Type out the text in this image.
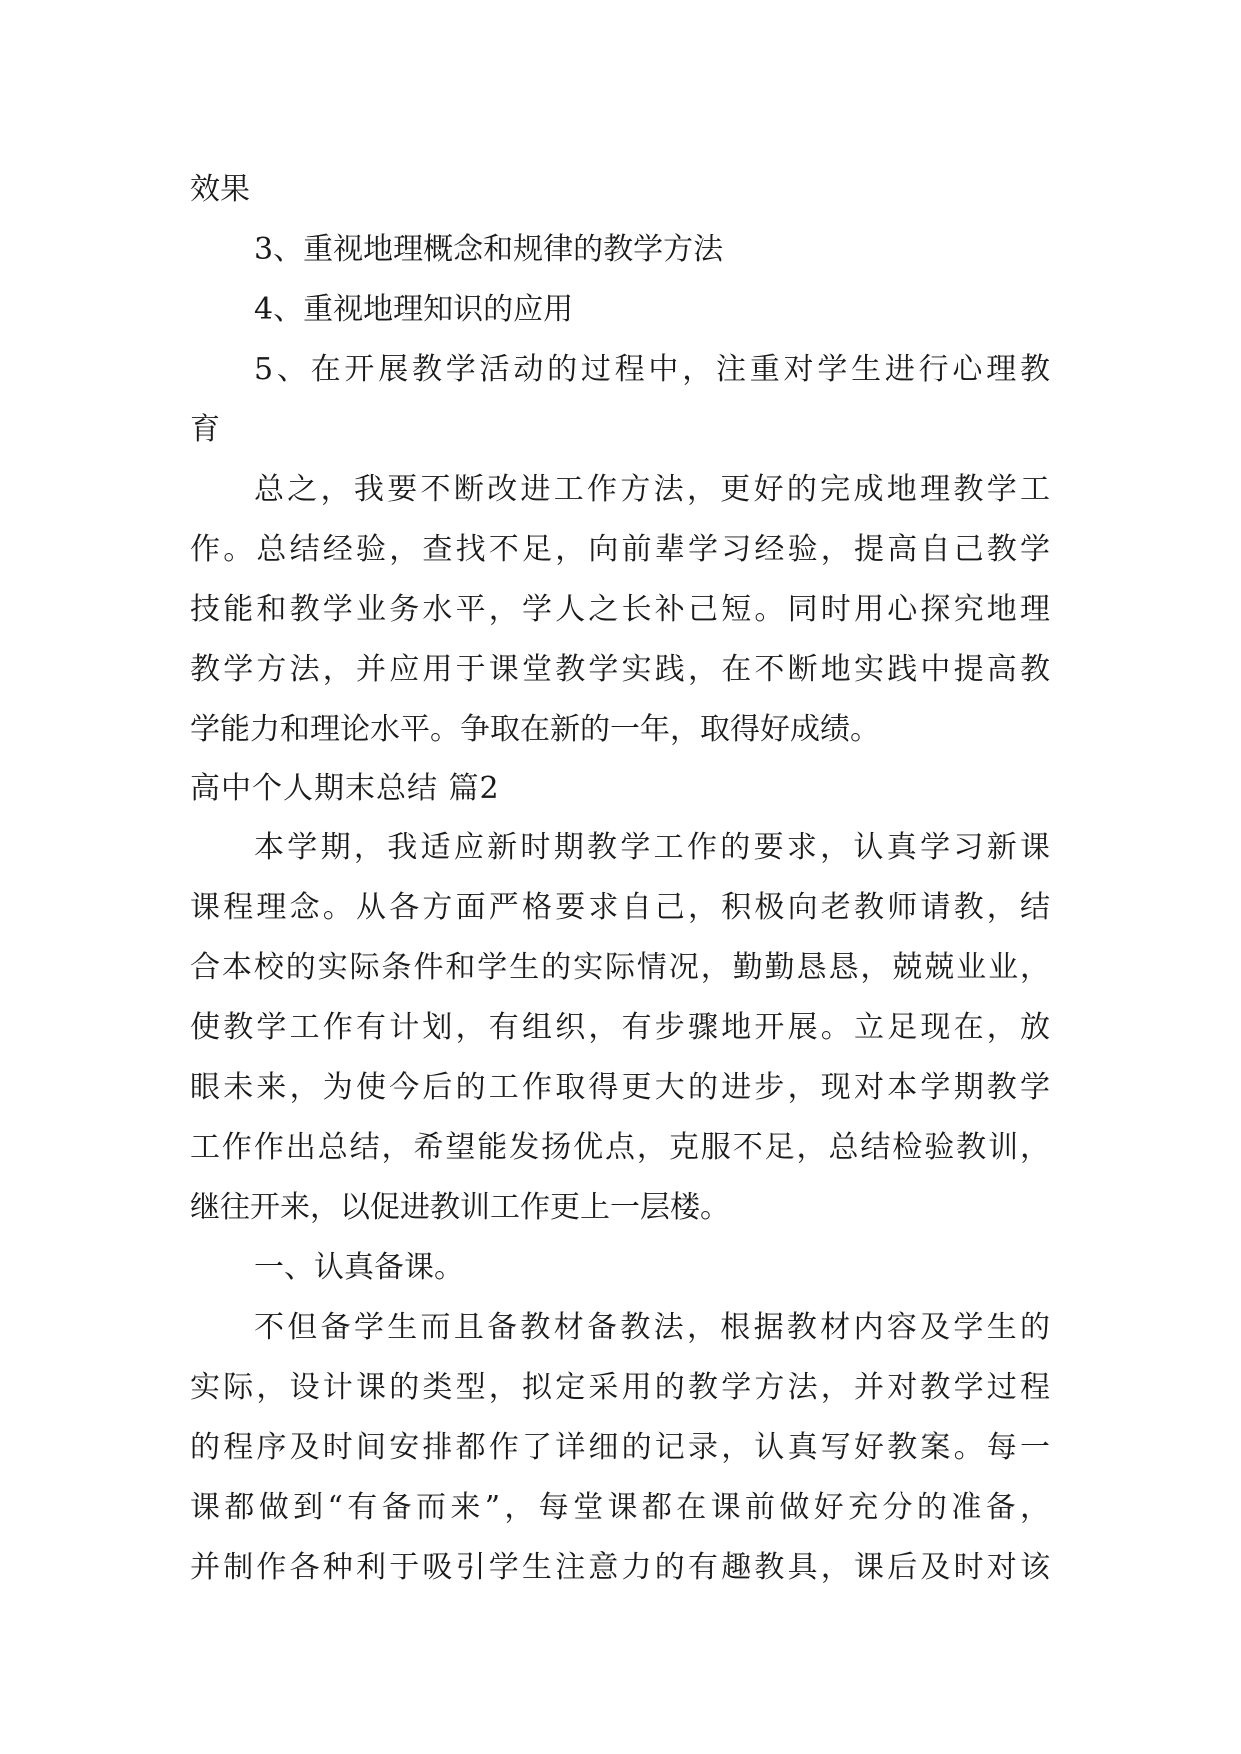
效果
3、重视地理概念和规律的教学方法
4、重视地理知识的应用
5、在开展教学活动的过程中，注重对学生进行心理教
育
总之，我要不断改进工作方法，更好的完成地理教学工
作。总结经验，查找不足，向前辈学习经验，提高自己教学
技能和教学业务水平，学人之长补己短。同时用心探究地理
教学方法，并应用于课堂教学实践，在不断地实践中提高教
学能力和理论水平。争取在新的一年，取得好成绩。
高中个人期末总结 篇2
本学期，我适应新时期教学工作的要求，认真学习新课
课程理念。从各方面严格要求自己，积极向老教师请教，结
合本校的实际条件和学生的实际情况，勤勤恳恳，兢兢业业，
使教学工作有计划，有组织，有步骤地开展。立足现在，放
眼未来，为使今后的工作取得更大的进步，现对本学期教学
工作作出总结，希望能发扬优点，克服不足，总结检验教训，
继往开来，以促进教训工作更上一层楼。
一、认真备课。
不但备学生而且备教材备教法，根据教材内容及学生的
实际，设计课的类型，拟定采用的教学方法，并对教学过程
的程序及时间安排都作了详细的记录，认真写好教案。每一
课都做到“有备而来”，每堂课都在课前做好充分的准备，
并制作各种利于吸引学生注意力的有趣教具，课后及时对该
